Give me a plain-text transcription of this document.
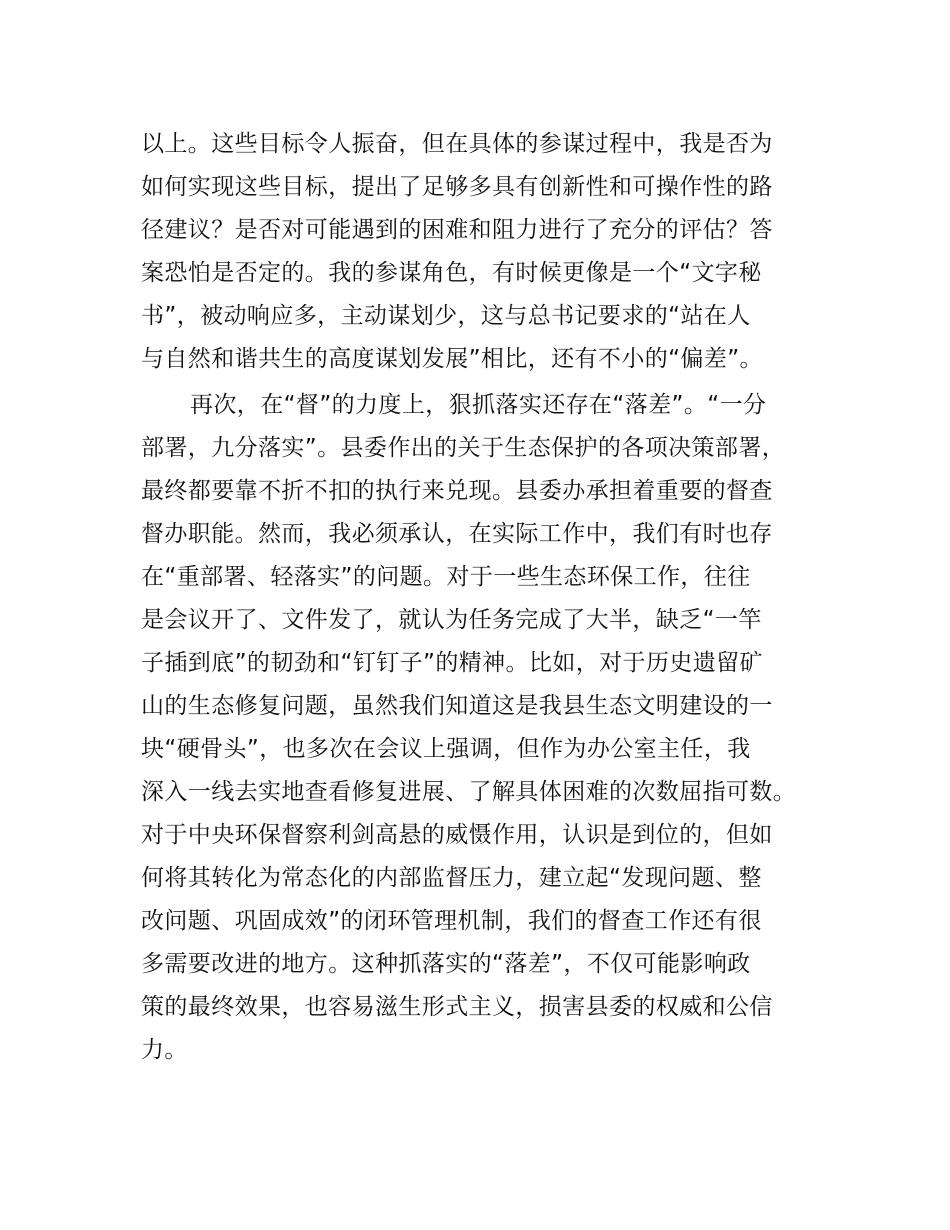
以上。这些目标令人振奋，但在具体的参谋过程中，我是否为
如何实现这些目标，提出了足够多具有创新性和可操作性的路
径建议？是否对可能遇到的困难和阻力进行了充分的评估？答
案恐怕是否定的。我的参谋角色，有时候更像是一个“文字秘
书”，被动响应多，主动谋划少，这与总书记要求的“站在人
与自然和谐共生的高度谋划发展”相比，还有不小的“偏差”。
再次，在“督”的力度上，狠抓落实还存在“落差”。“一分
部署，九分落实”。县委作出的关于生态保护的各项决策部署，
最终都要靠不折不扣的执行来兑现。县委办承担着重要的督查
督办职能。然而，我必须承认，在实际工作中，我们有时也存
在“重部署、轻落实”的问题。对于一些生态环保工作，往往
是会议开了、文件发了，就认为任务完成了大半，缺乏“一竿
子插到底”的韧劲和“钉钉子”的精神。比如，对于历史遗留矿
山的生态修复问题，虽然我们知道这是我县生态文明建设的一
块“硬骨头”，也多次在会议上强调，但作为办公室主任，我
深入一线去实地查看修复进展、了解具体困难的次数屈指可数。
对于中央环保督察利剑高悬的威慑作用，认识是到位的，但如
何将其转化为常态化的内部监督压力，建立起“发现问题、整
改问题、巩固成效”的闭环管理机制，我们的督查工作还有很
多需要改进的地方。这种抓落实的“落差”，不仅可能影响政
策的最终效果，也容易滋生形式主义，损害县委的权威和公信
力。
